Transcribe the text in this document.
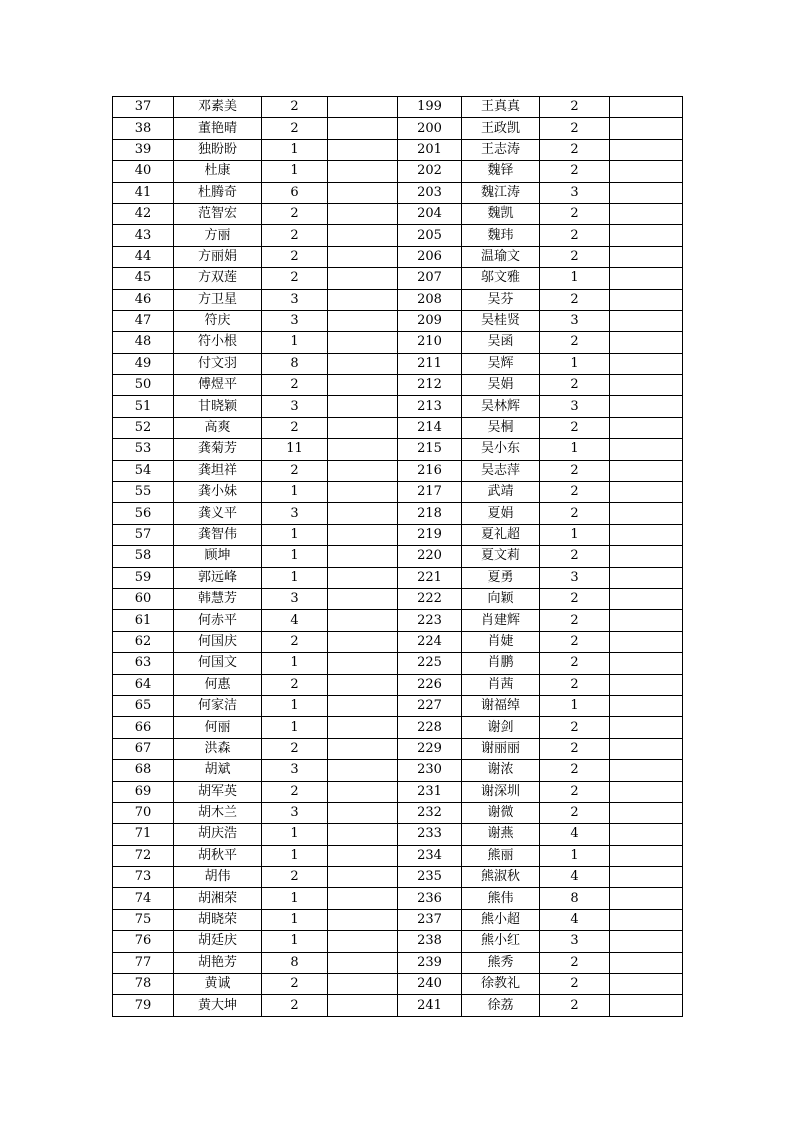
37	邓素美	2		199	王真真	2	
38	董艳晴	2		200	王政凯	2	
39	独盼盼	1		201	王志涛	2	
40	杜康	1		202	魏铎	2	
41	杜腾奇	6		203	魏江涛	3	
42	范智宏	2		204	魏凯	2	
43	方丽	2		205	魏玮	2	
44	方丽娟	2		206	温瑜文	2	
45	方双莲	2		207	邬文雅	1	
46	方卫星	3		208	吴芬	2	
47	符庆	3		209	吴桂贤	3	
48	符小根	1		210	吴函	2	
49	付文羽	8		211	吴辉	1	
50	傅煜平	2		212	吴娟	2	
51	甘晓颖	3		213	吴林辉	3	
52	高爽	2		214	吴桐	2	
53	龚菊芳	11		215	吴小东	1	
54	龚坦祥	2		216	吴志萍	2	
55	龚小妹	1		217	武靖	2	
56	龚义平	3		218	夏娟	2	
57	龚智伟	1		219	夏礼超	1	
58	顾坤	1		220	夏文莉	2	
59	郭远峰	1		221	夏勇	3	
60	韩慧芳	3		222	向颖	2	
61	何赤平	4		223	肖建辉	2	
62	何国庆	2		224	肖婕	2	
63	何国文	1		225	肖鹏	2	
64	何惠	2		226	肖茜	2	
65	何家洁	1		227	谢福绰	1	
66	何丽	1		228	谢剑	2	
67	洪森	2		229	谢丽丽	2	
68	胡斌	3		230	谢浓	2	
69	胡军英	2		231	谢深圳	2	
70	胡木兰	3		232	谢微	2	
71	胡庆浩	1		233	谢燕	4	
72	胡秋平	1		234	熊丽	1	
73	胡伟	2		235	熊淑秋	4	
74	胡湘荣	1		236	熊伟	8	
75	胡晓荣	1		237	熊小超	4	
76	胡廷庆	1		238	熊小红	3	
77	胡艳芳	8		239	熊秀	2	
78	黄诚	2		240	徐教礼	2	
79	黄大坤	2		241	徐荔	2	
